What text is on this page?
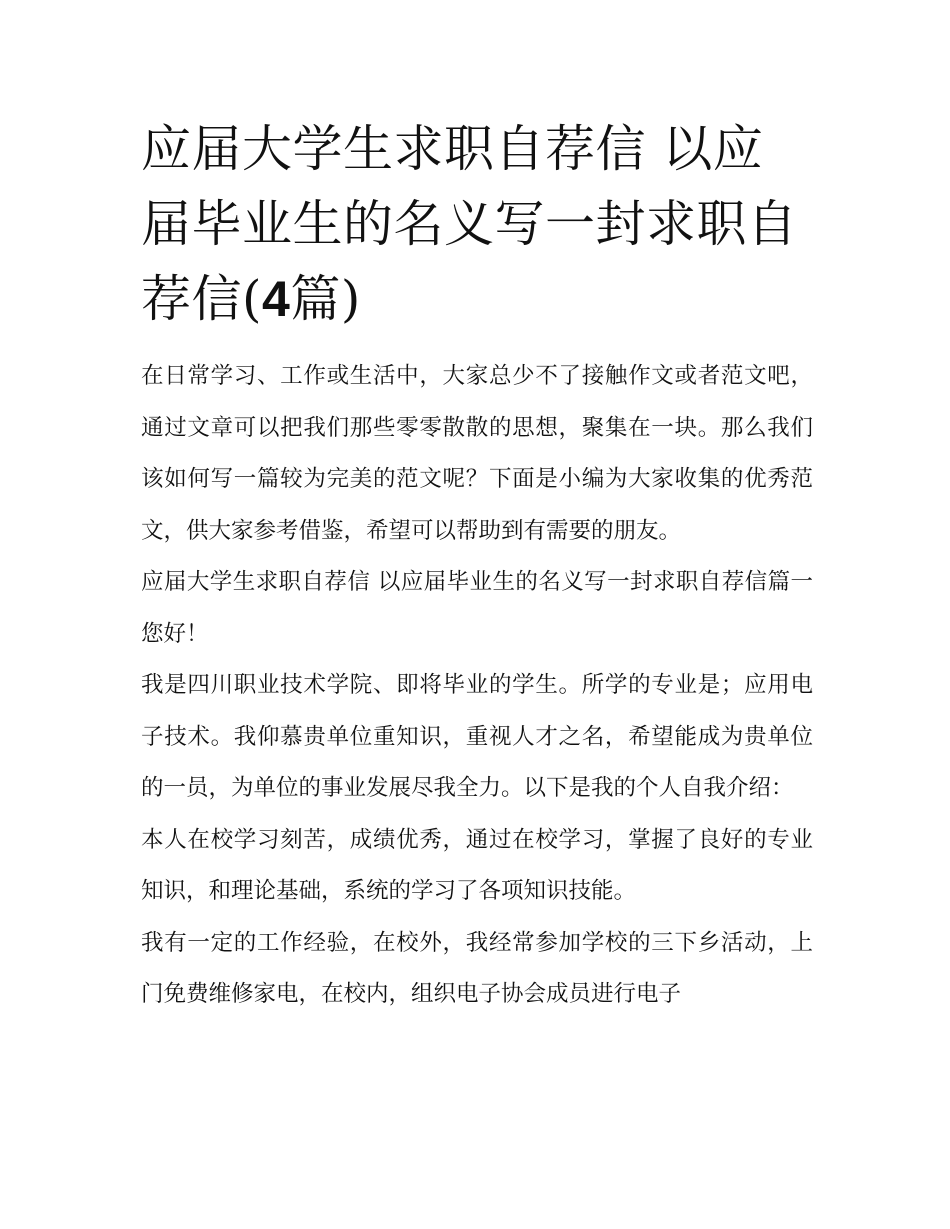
应届大学生求职自荐信 以应届毕业生的名义写一封求职自荐信(4篇)

在日常学习、工作或生活中，大家总少不了接触作文或者范文吧，通过文章可以把我们那些零零散散的思想，聚集在一块。那么我们该如何写一篇较为完美的范文呢？下面是小编为大家收集的优秀范文，供大家参考借鉴，希望可以帮助到有需要的朋友。

应届大学生求职自荐信 以应届毕业生的名义写一封求职自荐信篇一 您好！

我是四川职业技术学院、即将毕业的学生。所学的专业是；应用电子技术。我仰慕贵单位重知识，重视人才之名，希望能成为贵单位的一员，为单位的事业发展尽我全力。以下是我的个人自我介绍：

本人在校学习刻苦，成绩优秀，通过在校学习，掌握了良好的专业知识，和理论基础，系统的学习了各项知识技能。

我有一定的工作经验，在校外，我经常参加学校的三下乡活动，上门免费维修家电，在校内，组织电子协会成员进行电子
